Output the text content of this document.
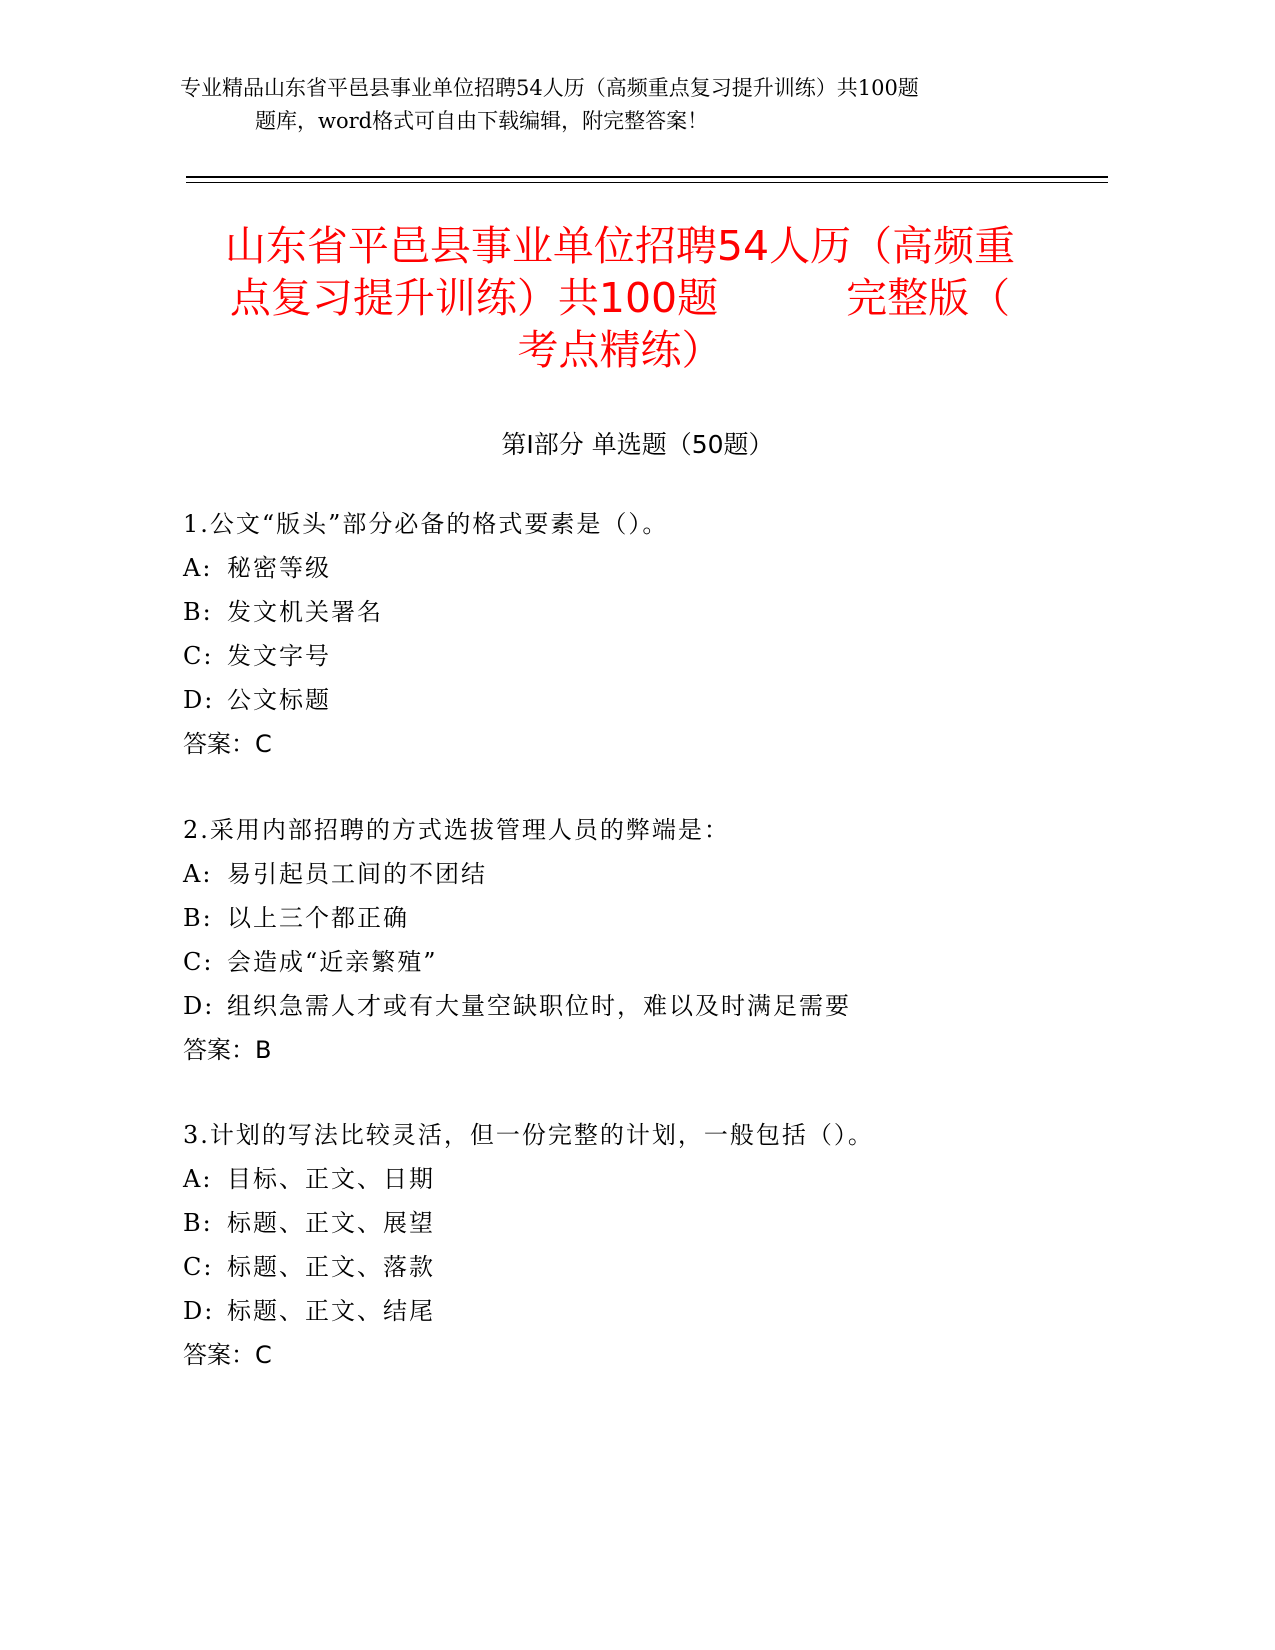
专业精品山东省平邑县事业单位招聘54人历（高频重点复习提升训练）共100题
题库，word格式可自由下载编辑，附完整答案！
山东省平邑县事业单位招聘54人历（高频重
点复习提升训练）共100题	完整版（
考点精练）
第Ⅰ部分 单选题（50题）
1.公文“版头”部分必备的格式要素是（）。
A: 秘密等级
B: 发文机关署名
C: 发文字号
D: 公文标题
答案：C
2.采用内部招聘的方式选拔管理人员的弊端是：
A: 易引起员工间的不团结
B: 以上三个都正确
C: 会造成“近亲繁殖”
D: 组织急需人才或有大量空缺职位时，难以及时满足需要
答案：B
3.计划的写法比较灵活，但一份完整的计划，一般包括（）。
A: 目标、正文、日期
B: 标题、正文、展望
C: 标题、正文、落款
D: 标题、正文、结尾
答案：C
